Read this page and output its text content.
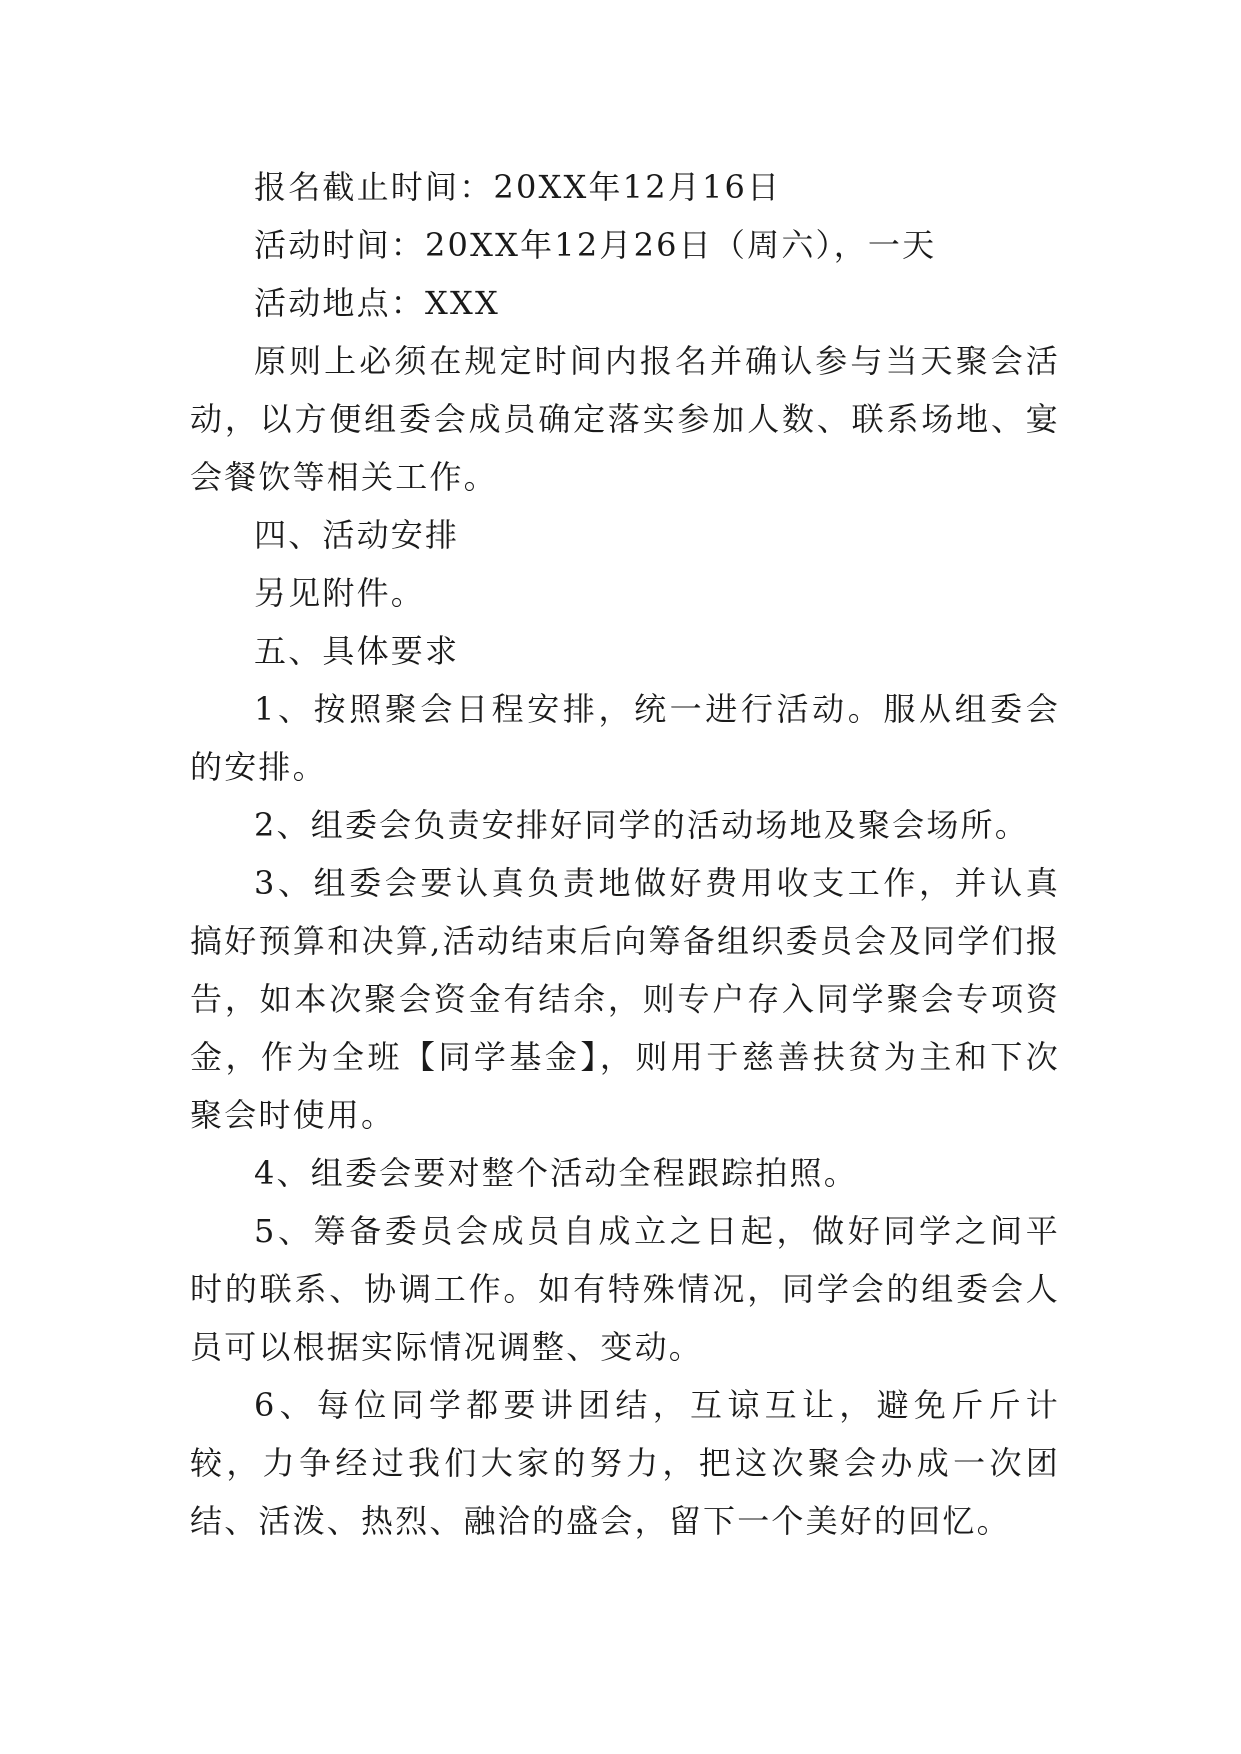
报名截止时间：20XX年12月16日

活动时间：20XX年12月26日（周六），一天

活动地点：XXX

原则上必须在规定时间内报名并确认参与当天聚会活动，以方便组委会成员确定落实参加人数、联系场地、宴会餐饮等相关工作。

四、活动安排

另见附件。

五、具体要求

1、按照聚会日程安排，统一进行活动。服从组委会的安排。

2、组委会负责安排好同学的活动场地及聚会场所。

3、组委会要认真负责地做好费用收支工作，并认真搞好预算和决算,活动结束后向筹备组织委员会及同学们报告，如本次聚会资金有结余，则专户存入同学聚会专项资金，作为全班【同学基金】，则用于慈善扶贫为主和下次聚会时使用。

4、组委会要对整个活动全程跟踪拍照。

5、筹备委员会成员自成立之日起，做好同学之间平时的联系、协调工作。如有特殊情况，同学会的组委会人员可以根据实际情况调整、变动。

6、每位同学都要讲团结，互谅互让，避免斤斤计较，力争经过我们大家的努力，把这次聚会办成一次团结、活泼、热烈、融洽的盛会，留下一个美好的回忆。
